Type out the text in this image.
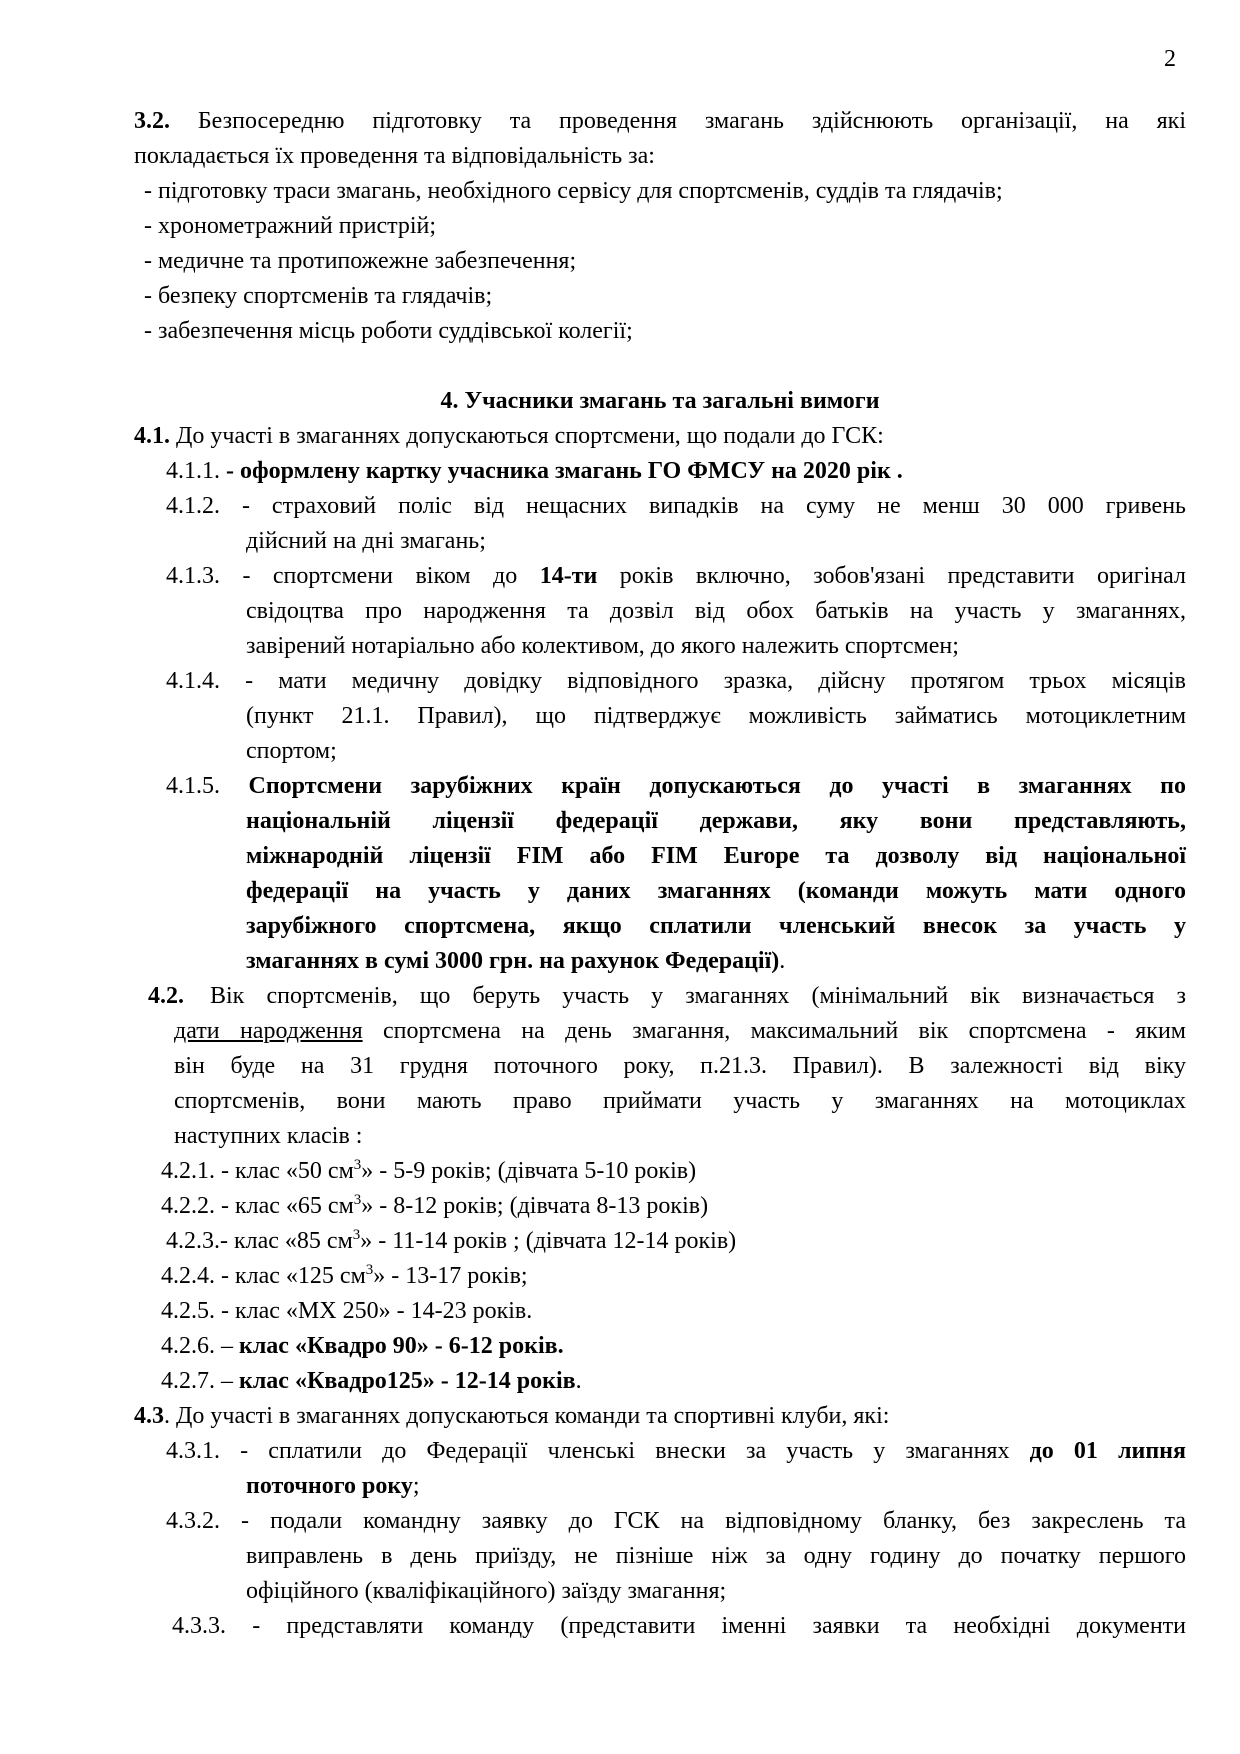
2
3.2. Безпосередню підготовку та проведення змагань здійснюють організації, на які
покладається їх проведення та відповідальність за:
- підготовку траси змагань, необхідного сервісу для спортсменів, суддів та глядачів;
- хронометражний пристрій;
- медичне та протипожежне забезпечення;
- безпеку спортсменів та глядачів;
- забезпечення місць роботи суддівської колегії;
4. Учасники змагань та загальні вимоги
4.1. До участі в змаганнях допускаються спортсмени, що подали до ГСК:
4.1.1. - оформлену картку учасника змагань ГО ФМСУ на 2020 рік .
4.1.2. - страховий поліс від нещасних випадків на суму не менш 30 000 гривень
дійсний на дні змагань;
4.1.3. - спортсмени віком до 14-ти років включно, зобов'язані представити оригінал
свідоцтва про народження та дозвіл від обох батьків на участь у змаганнях,
завірений нотаріально або колективом, до якого належить спортсмен;
4.1.4. - мати медичну довідку відповідного зразка, дійсну протягом трьох місяців
(пункт 21.1. Правил), що підтверджує можливість займатись мотоциклетним
спортом;
4.1.5. Спортсмени зарубіжних країн допускаються до участі в змаганнях по
національній ліцензії федерації держави, яку вони представляють,
міжнародній ліцензії FIM або FIM Europe та дозволу від національної
федерації на участь у даних змаганнях (команди можуть мати одного
зарубіжного спортсмена, якщо сплатили членський внесок за участь у
змаганнях в сумі 3000 грн. на рахунок Федерації).
4.2.	Вік спортсменів, що беруть участь у змаганнях (мінімальний вік визначається з
дати народження спортсмена на день змагання, максимальний вік спортсмена - яким
він буде на 31 грудня поточного року, п.21.3. Правил). В залежності від віку
спортсменів, вони мають право приймати участь у змаганнях на мотоциклах
наступних класів :
4.2.1. - клас «50 $см^3$» - 5-9 років; (дівчата 5-10 років)
4.2.2. - клас «65 $см^3$» - 8-12 років; (дівчата 8-13 років)
4.2.3.- клас «85 $см^3$» - 11-14 років ; (дівчата 12-14 років)
4.2.4. - клас «125 $см^3$» - 13-17 років;
4.2.5. - клас «МХ 250» - 14-23 років.
4.2.6. – клас «Квадро 90» - 6-12 років.
4.2.7. – клас «Квадро125» - 12-14 років.
4.3. До участі в змаганнях допускаються команди та спортивні клуби, які:
4.3.1. - сплатили до Федерації членські внески за участь у змаганнях до 01 липня
поточного року;
4.3.2. - подали командну заявку до ГСК на відповідному бланку, без закреслень та
виправлень в день приїзду, не пізніше ніж за одну годину до початку першого
офіційного (кваліфікаційного) заїзду змагання;
4.3.3. - представляти команду (представити іменні заявки та необхідні документи
